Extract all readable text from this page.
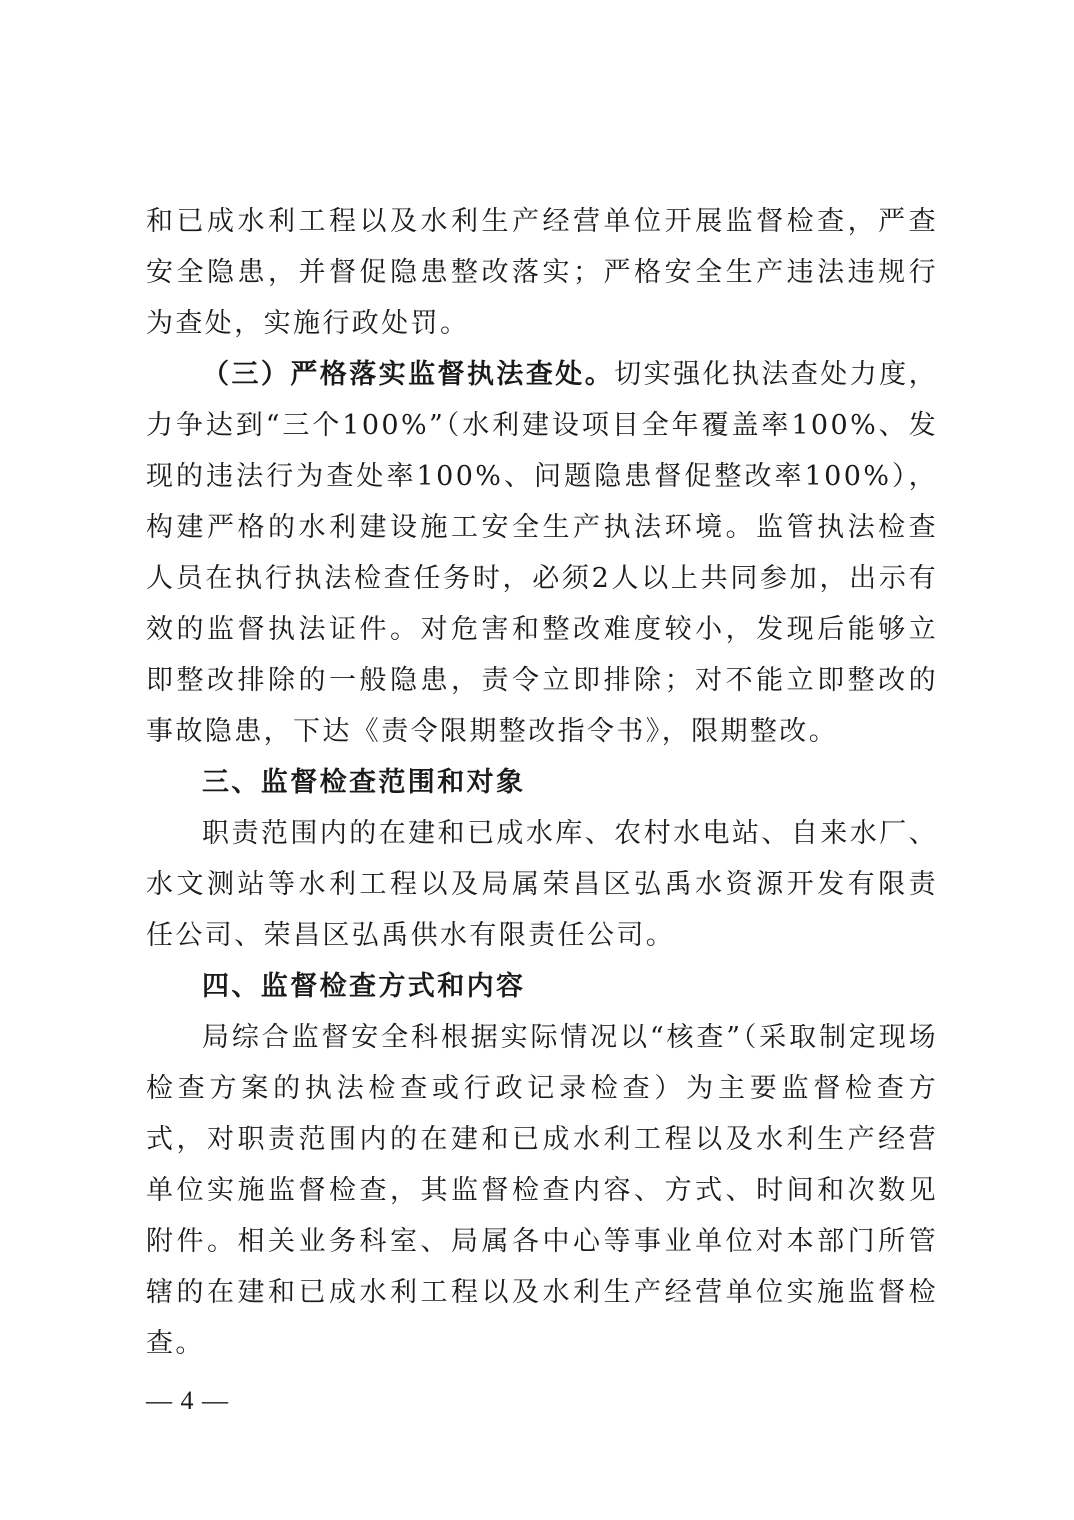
和已成水利工程以及水利生产经营单位开展监督检查，严查安全隐患，并督促隐患整改落实；严格安全生产违法违规行为查处，实施行政处罚。

（三）严格落实监督执法查处。切实强化执法查处力度，力争达到“三个100%”（水利建设项目全年覆盖率100%、发现的违法行为查处率100%、问题隐患督促整改率100%），构建严格的水利建设施工安全生产执法环境。监管执法检查人员在执行执法检查任务时，必须2人以上共同参加，出示有效的监督执法证件。对危害和整改难度较小，发现后能够立即整改排除的一般隐患，责令立即排除；对不能立即整改的事故隐患，下达《责令限期整改指令书》，限期整改。

三、监督检查范围和对象

职责范围内的在建和已成水库、农村水电站、自来水厂、水文测站等水利工程以及局属荣昌区弘禹水资源开发有限责任公司、荣昌区弘禹供水有限责任公司。

四、监督检查方式和内容

局综合监督安全科根据实际情况以“核查”（采取制定现场检查方案的执法检查或行政记录检查）为主要监督检查方式，对职责范围内的在建和已成水利工程以及水利生产经营单位实施监督检查，其监督检查内容、方式、时间和次数见附件。相关业务科室、局属各中心等事业单位对本部门所管辖的在建和已成水利工程以及水利生产经营单位实施监督检查。

— 4 —
